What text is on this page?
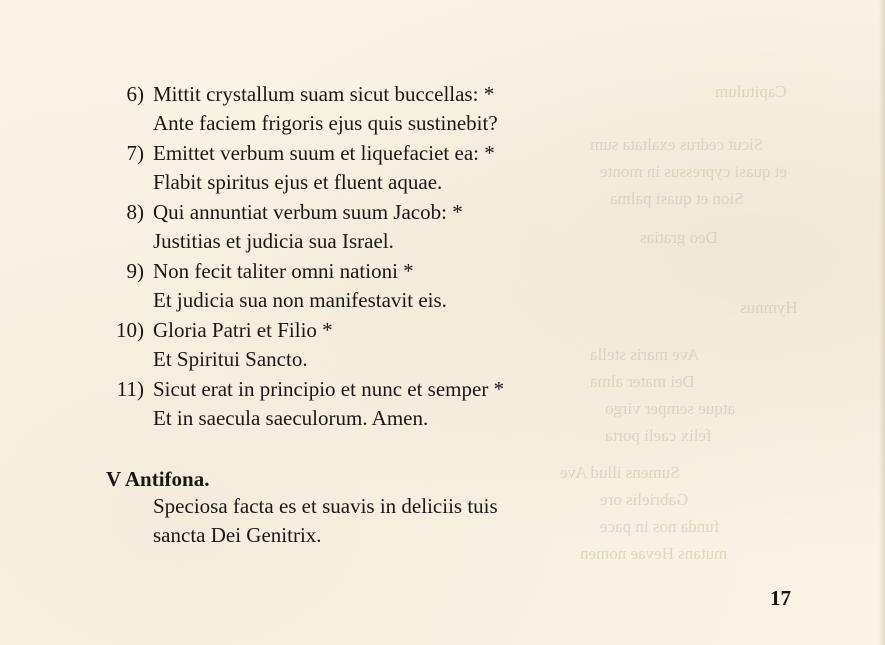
Capitulum
Sicut cedrus exaltata sum
et quasi cypressus in monte
Sion et quasi palma
Deo gratias
Hymnus
Ave maris stella
Dei mater alma
atque semper virgo
felix caeli porta
Sumens illud Ave
Gabrielis ore
funda nos in pace
mutans Hevae nomen
6) Mittit crystallum suam sicut buccellas: *
Ante faciem frigoris ejus quis sustinebit?
7) Emittet verbum suum et liquefaciet ea: *
Flabit spiritus ejus et fluent aquae.
8) Qui annuntiat verbum suum Jacob: *
Justitias et judicia sua Israel.
9) Non fecit taliter omni nationi *
Et judicia sua non manifestavit eis.
10) Gloria Patri et Filio *
Et Spiritui Sancto.
11) Sicut erat in principio et nunc et semper *
Et in saecula saeculorum. Amen.
V Antifona.
Speciosa facta es et suavis in deliciis tuis
sancta Dei Genitrix.
17
